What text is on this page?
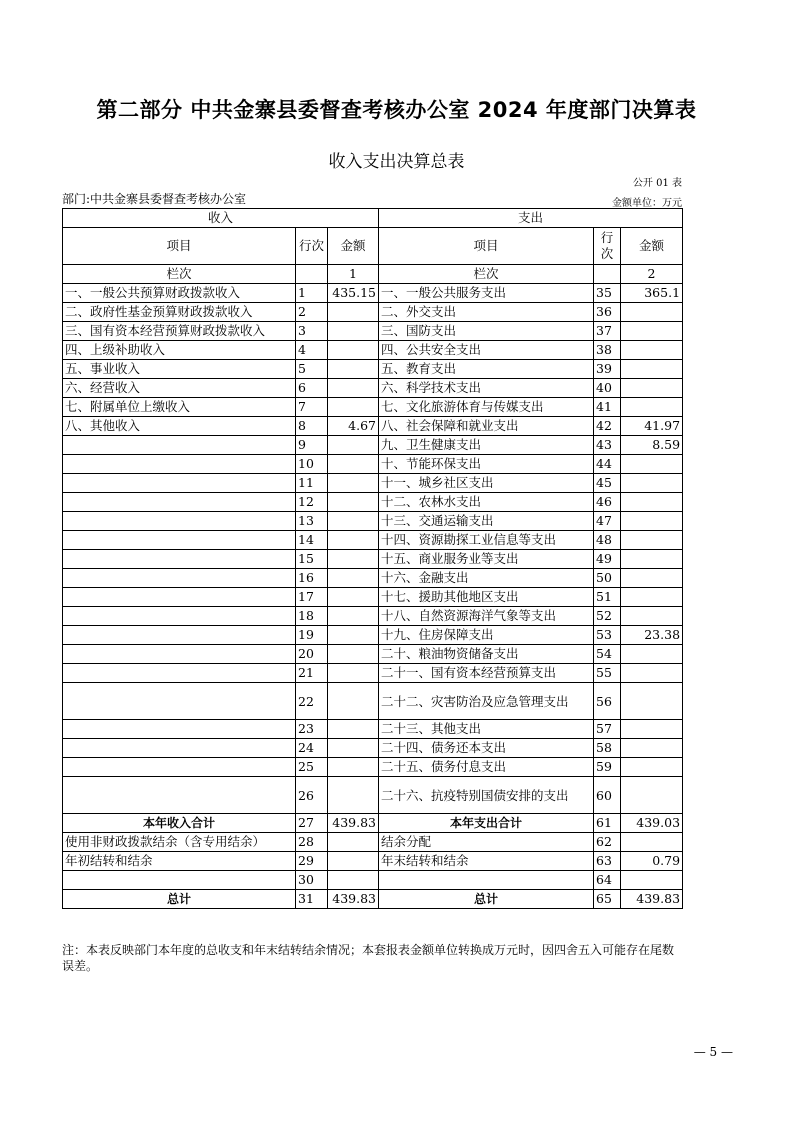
第二部分 中共金寨县委督查考核办公室 2024 年度部门决算表
收入支出决算总表
公开 01 表
部门:中共金寨县委督查考核办公室	金额单位：万元
收入			支出		
项目	行次	金额	项目	行次	金额
栏次		1	栏次		2
一、一般公共预算财政拨款收入	1	435.15	一、一般公共服务支出	35	365.1
二、政府性基金预算财政拨款收入	2		二、外交支出	36	
三、国有资本经营预算财政拨款收入	3		三、国防支出	37	
四、上级补助收入	4		四、公共安全支出	38	
五、事业收入	5		五、教育支出	39	
六、经营收入	6		六、科学技术支出	40	
七、附属单位上缴收入	7		七、文化旅游体育与传媒支出	41	
八、其他收入	8	4.67	八、社会保障和就业支出	42	41.97
	9		九、卫生健康支出	43	8.59
	10		十、节能环保支出	44	
	11		十一、城乡社区支出	45	
	12		十二、农林水支出	46	
	13		十三、交通运输支出	47	
	14		十四、资源勘探工业信息等支出	48	
	15		十五、商业服务业等支出	49	
	16		十六、金融支出	50	
	17		十七、援助其他地区支出	51	
	18		十八、自然资源海洋气象等支出	52	
	19		十九、住房保障支出	53	23.38
	20		二十、粮油物资储备支出	54	
	21		二十一、国有资本经营预算支出	55	
	22		二十二、灾害防治及应急管理支出	56	
	23		二十三、其他支出	57	
	24		二十四、债务还本支出	58	
	25		二十五、债务付息支出	59	
	26		二十六、抗疫特别国债安排的支出	60	
本年收入合计	27	439.83	本年支出合计	61	439.03
使用非财政拨款结余（含专用结余）	28		结余分配	62	
年初结转和结余	29		年末结转和结余	63	0.79
	30			64	
总计	31	439.83	总计	65	439.83
注：本表反映部门本年度的总收支和年末结转结余情况；本套报表金额单位转换成万元时，因四舍五入可能存在尾数误差。
— 5 —
